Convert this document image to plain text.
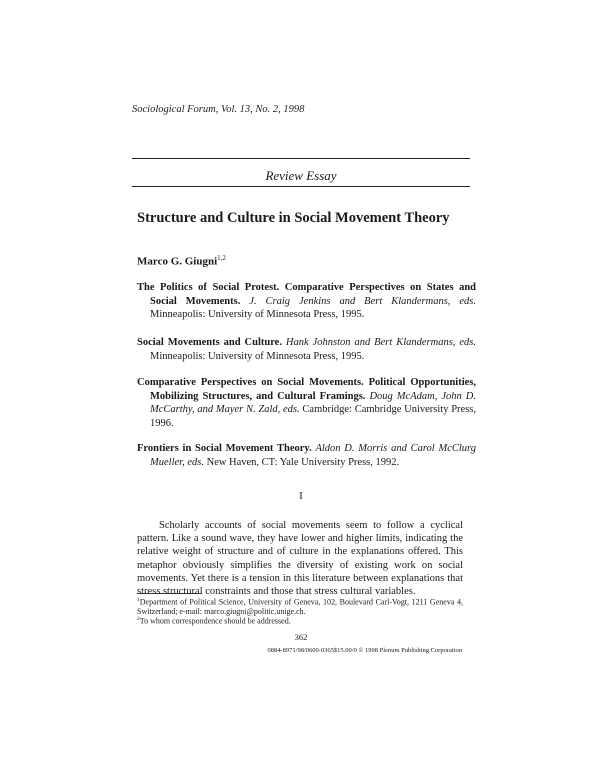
Sociological Forum, Vol. 13, No. 2, 1998
Review Essay
Structure and Culture in Social Movement Theory
Marco G. Giugni$^{1,2}$
The Politics of Social Protest. Comparative Perspectives on States and Social Movements. J. Craig Jenkins and Bert Klandermans, eds. Minneapolis: University of Minnesota Press, 1995.
Social Movements and Culture. Hank Johnston and Bert Klandermans, eds. Minneapolis: University of Minnesota Press, 1995.
Comparative Perspectives on Social Movements. Political Opportunities, Mobilizing Structures, and Cultural Framings. Doug McAdam, John D. McCarthy, and Mayer N. Zald, eds. Cambridge: Cambridge University Press, 1996.
Frontiers in Social Movement Theory. Aldon D. Morris and Carol McClurg Mueller, eds. New Haven, CT: Yale University Press, 1992.
I
Scholarly accounts of social movements seem to follow a cyclical pattern. Like a sound wave, they have lower and higher limits, indicating the relative weight of structure and of culture in the explanations offered. This metaphor obviously simplifies the diversity of existing work on social movements. Yet there is a tension in this literature between explanations that stress structural constraints and those that stress cultural variables.
$^1$Department of Political Science, University of Geneva, 102, Boulevard Carl-Vogt, 1211 Geneva 4, Switzerland; e-mail: marco.giugni@politic.unige.ch.
$^2$To whom correspondence should be addressed.
362
0884-8971/98/0600-0365$15.00/0 © 1998 Plenum Publishing Corporation
